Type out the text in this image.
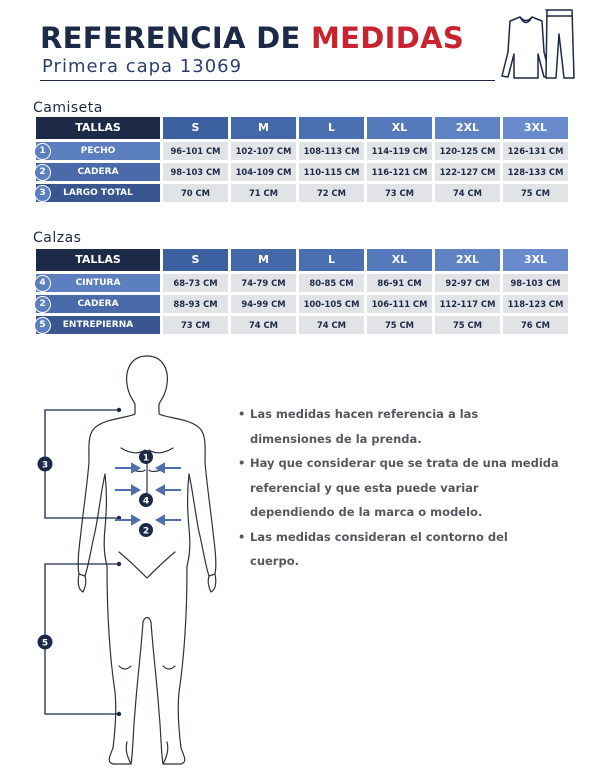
REFERENCIA DE MEDIDAS
Primera capa 13069
Camiseta
TALLAS	S	M	L	XL	2XL	3XL

1 PECHO	96-101 CM	102-107 CM	108-113 CM	114-119 CM	120-125 CM	126-131 CM

2 CADERA	98-103 CM	104-109 CM	110-115 CM	116-121 CM	122-127 CM	128-133 CM

3 LARGO TOTAL	70 CM	71 CM	72 CM	73 CM	74 CM	75 CM
Calzas
TALLAS	S	M	L	XL	2XL	3XL

4 CINTURA	68-73 CM	74-79 CM	80-85 CM	86-91 CM	92-97 CM	98-103 CM

2 CADERA	88-93 CM	94-99 CM	100-105 CM	106-111 CM	112-117 CM	118-123 CM

5 ENTREPIERNA	73 CM	74 CM	74 CM	75 CM	75 CM	76 CM
1
4
2
3
5
• Las medidas hacen referencia a las dimensiones de la prenda.
• Hay que considerar que se trata de una medida referencial y que esta puede variar dependiendo de la marca o modelo.
• Las medidas consideran el contorno del cuerpo.
